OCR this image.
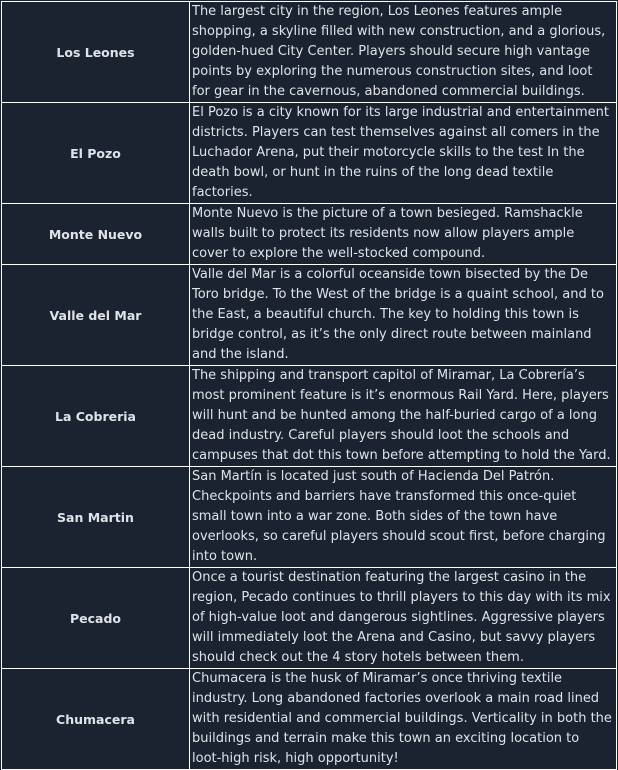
Los Leones	The largest city in the region, Los Leones features ample shopping, a skyline filled with new construction, and a glorious, golden-hued City Center. Players should secure high vantage points by exploring the numerous construction sites, and loot for gear in the cavernous, abandoned commercial buildings.
El Pozo	El Pozo is a city known for its large industrial and entertainment districts. Players can test themselves against all comers in the Luchador Arena, put their motorcycle skills to the test In the death bowl, or hunt in the ruins of the long dead textile factories.
Monte Nuevo	Monte Nuevo is the picture of a town besieged. Ramshackle walls built to protect its residents now allow players ample cover to explore the well-stocked compound.
Valle del Mar	Valle del Mar is a colorful oceanside town bisected by the De Toro bridge. To the West of the bridge is a quaint school, and to the East, a beautiful church. The key to holding this town is bridge control, as it’s the only direct route between mainland and the island.
La Cobreria	The shipping and transport capitol of Miramar, La Cobrería’s most prominent feature is it’s enormous Rail Yard. Here, players will hunt and be hunted among the half-buried cargo of a long dead industry. Careful players should loot the schools and campuses that dot this town before attempting to hold the Yard.
San Martin	San Martín is located just south of Hacienda Del Patrón. Checkpoints and barriers have transformed this once-quiet small town into a war zone. Both sides of the town have overlooks, so careful players should scout first, before charging into town.
Pecado	Once a tourist destination featuring the largest casino in the region, Pecado continues to thrill players to this day with its mix of high-value loot and dangerous sightlines. Aggressive players will immediately loot the Arena and Casino, but savvy players should check out the 4 story hotels between them.
Chumacera	Chumacera is the husk of Miramar’s once thriving textile industry. Long abandoned factories overlook a main road lined with residential and commercial buildings. Verticality in both the buildings and terrain make this town an exciting location to loot-high risk, high opportunity!
